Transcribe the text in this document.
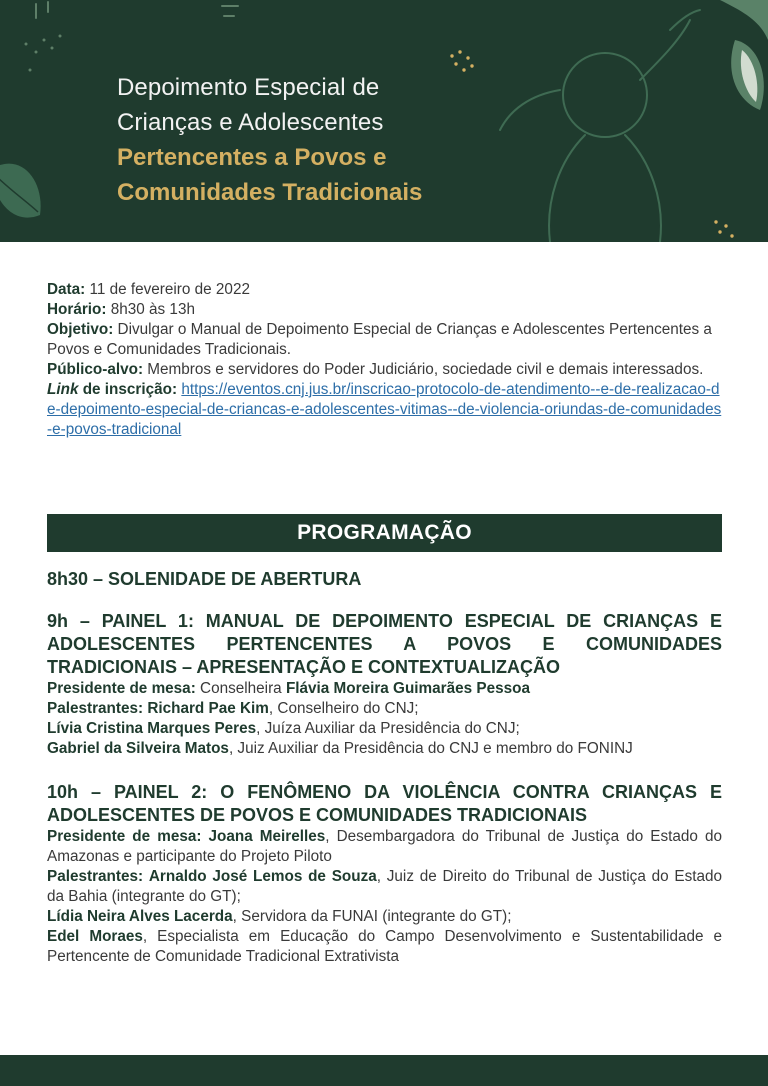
Depoimento Especial de
Crianças e Adolescentes
Pertencentes a Povos e
Comunidades Tradicionais

Data: 11 de fevereiro de 2022

Horário: 8h30 às 13h

Objetivo: Divulgar o Manual de Depoimento Especial de Crianças e Adolescentes Pertencentes a Povos e Comunidades Tradicionais.

Público-alvo: Membros e servidores do Poder Judiciário, sociedade civil e demais interessados.

Link de inscrição: https://eventos.cnj.jus.br/inscricao-protocolo-de-atendimento--e-de-realizacao-de-depoimento-especial-de-criancas-e-adolescentes-vitimas--de-violencia-oriundas-de-comunidades-e-povos-tradicional

PROGRAMAÇÃO
8h30 – SOLENIDADE DE ABERTURA
9h – PAINEL 1: MANUAL DE DEPOIMENTO ESPECIAL DE CRIANÇAS E ADOLESCENTES PERTENCENTES A POVOS E COMUNIDADES TRADICIONAIS – APRESENTAÇÃO E CONTEXTUALIZAÇÃO
Presidente de mesa: Conselheira Flávia Moreira Guimarães Pessoa
Palestrantes: Richard Pae Kim, Conselheiro do CNJ;
Lívia Cristina Marques Peres, Juíza Auxiliar da Presidência do CNJ;
Gabriel da Silveira Matos, Juiz Auxiliar da Presidência do CNJ e membro do FONINJ
10h – PAINEL 2: O FENÔMENO DA VIOLÊNCIA CONTRA CRIANÇAS E ADOLESCENTES DE POVOS E COMUNIDADES TRADICIONAIS
Presidente de mesa: Joana Meirelles, Desembargadora do Tribunal de Justiça do Estado do Amazonas e participante do Projeto Piloto
Palestrantes: Arnaldo José Lemos de Souza, Juiz de Direito do Tribunal de Justiça do Estado da Bahia (integrante do GT);
Lídia Neira Alves Lacerda, Servidora da FUNAI (integrante do GT);
Edel Moraes, Especialista em Educação do Campo Desenvolvimento e Sustentabilidade e Pertencente de Comunidade Tradicional Extrativista
